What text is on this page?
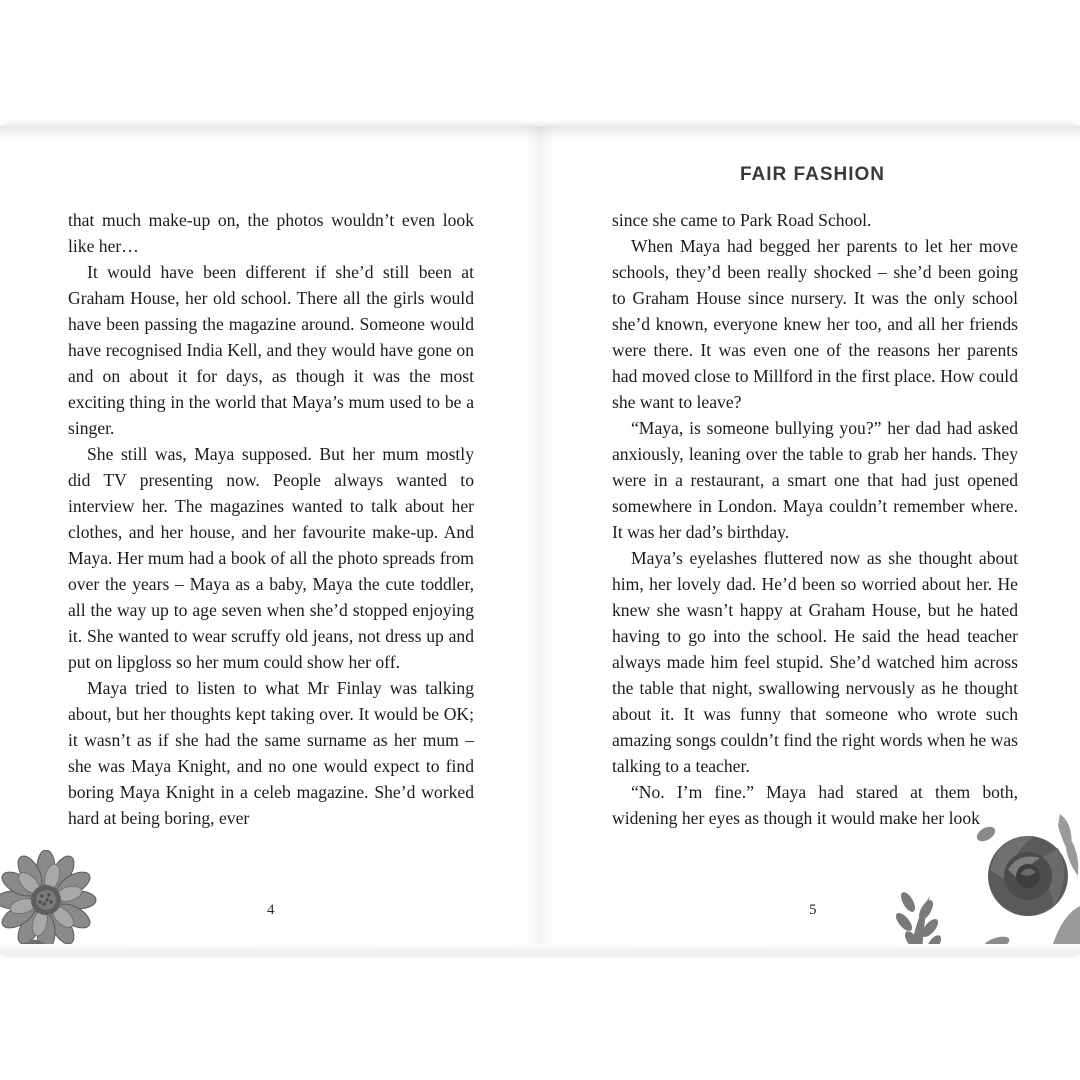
FAIR FASHION

that much make-up on, the photos wouldn’t even look like her…

It would have been different if she’d still been at Graham House, her old school. There all the girls would have been passing the magazine around. Someone would have recognised India Kell, and they would have gone on and on about it for days, as though it was the most exciting thing in the world that Maya’s mum used to be a singer.

She still was, Maya supposed. But her mum mostly did TV presenting now. People always wanted to interview her. The magazines wanted to talk about her clothes, and her house, and her favourite make-up. And Maya. Her mum had a book of all the photo spreads from over the years – Maya as a baby, Maya the cute toddler, all the way up to age seven when she’d stopped enjoying it. She wanted to wear scruffy old jeans, not dress up and put on lipgloss so her mum could show her off.

Maya tried to listen to what Mr Finlay was talking about, but her thoughts kept taking over. It would be OK; it wasn’t as if she had the same surname as her mum – she was Maya Knight, and no one would expect to find boring Maya Knight in a celeb magazine. She’d worked hard at being boring, ever

since she came to Park Road School.

When Maya had begged her parents to let her move schools, they’d been really shocked – she’d been going to Graham House since nursery. It was the only school she’d known, everyone knew her too, and all her friends were there. It was even one of the reasons her parents had moved close to Millford in the first place. How could she want to leave?

“Maya, is someone bullying you?” her dad had asked anxiously, leaning over the table to grab her hands. They were in a restaurant, a smart one that had just opened somewhere in London. Maya couldn’t remember where. It was her dad’s birthday.

Maya’s eyelashes fluttered now as she thought about him, her lovely dad. He’d been so worried about her. He knew she wasn’t happy at Graham House, but he hated having to go into the school. He said the head teacher always made him feel stupid. She’d watched him across the table that night, swallowing nervously as he thought about it. It was funny that someone who wrote such amazing songs couldn’t find the right words when he was talking to a teacher.

“No. I’m fine.” Maya had stared at them both, widening her eyes as though it would make her look

4	5
